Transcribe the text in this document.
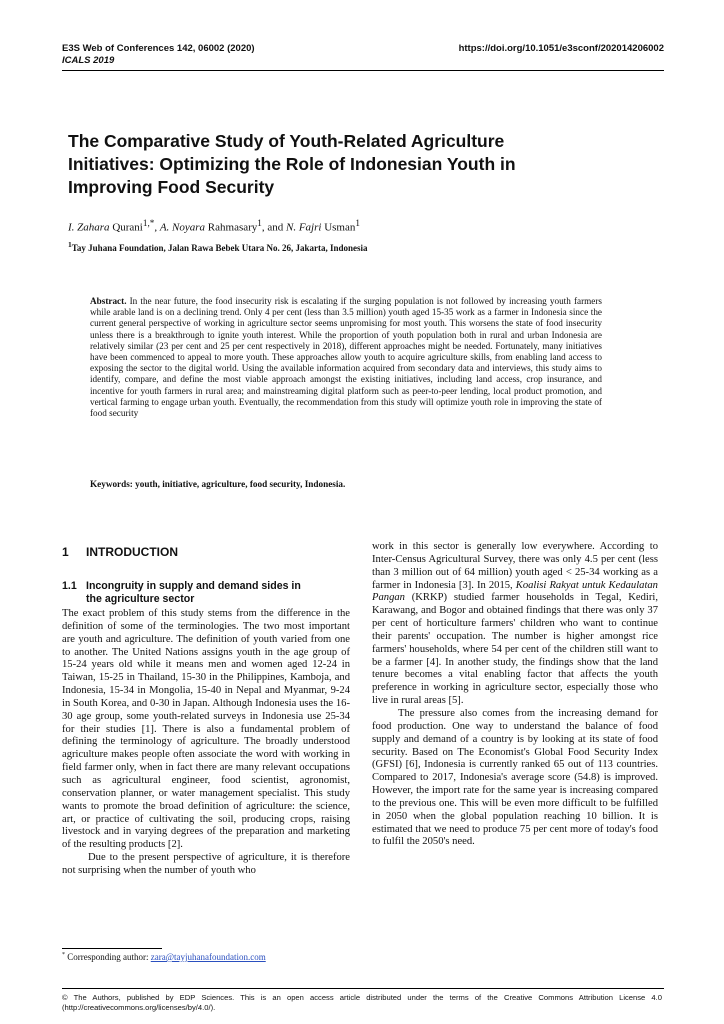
E3S Web of Conferences 142, 06002 (2020)
ICALS 2019
https://doi.org/10.1051/e3sconf/202014206002
The Comparative Study of Youth-Related Agriculture Initiatives: Optimizing the Role of Indonesian Youth in Improving Food Security
I. Zahara Qurani$^{1,*}$, A. Noyara Rahmasary$^1$, and N. Fajri Usman$^1$
$^1$Tay Juhana Foundation, Jalan Rawa Bebek Utara No. 26, Jakarta, Indonesia
Abstract. In the near future, the food insecurity risk is escalating if the surging population is not followed by increasing youth farmers while arable land is on a declining trend. Only 4 per cent (less than 3.5 million) youth aged 15-35 work as a farmer in Indonesia since the current general perspective of working in agriculture sector seems unpromising for most youth. This worsens the state of food insecurity unless there is a breakthrough to ignite youth interest. While the proportion of youth population both in rural and urban Indonesia are relatively similar (23 per cent and 25 per cent respectively in 2018), different approaches might be needed. Fortunately, many initiatives have been commenced to appeal to more youth. These approaches allow youth to acquire agriculture skills, from enabling land access to exposing the sector to the digital world. Using the available information acquired from secondary data and interviews, this study aims to identify, compare, and define the most viable approach amongst the existing initiatives, including land access, crop insurance, and incentive for youth farmers in rural area; and mainstreaming digital platform such as peer-to-peer lending, local product promotion, and vertical farming to engage urban youth. Eventually, the recommendation from this study will optimize youth role in improving the state of food security
Keywords: youth, initiative, agriculture, food security, Indonesia.
1 INTRODUCTION
1.1 Incongruity in supply and demand sides in
the agriculture sector

The exact problem of this study stems from the difference in the definition of some of the terminologies. The two most important are youth and agriculture. The definition of youth varied from one to another. The United Nations assigns youth in the age group of 15-24 years old while it means men and women aged 12-24 in Taiwan, 15-25 in Thailand, 15-30 in the Philippines, Kamboja, and Indonesia, 15-34 in Mongolia, 15-40 in Nepal and Myanmar, 9-24 in South Korea, and 0-30 in Japan. Although Indonesia uses the 16-30 age group, some youth-related surveys in Indonesia use 25-34 for their studies [1]. There is also a fundamental problem of defining the terminology of agriculture. The broadly understood agriculture makes people often associate the word with working in field farmer only, when in fact there are many relevant occupations such as agricultural engineer, food scientist, agronomist, conservation planner, or water management specialist. This study wants to promote the broad definition of agriculture: the science, art, or practice of cultivating the soil, producing crops, raising livestock and in varying degrees of the preparation and marketing of the resulting products [2].

Due to the present perspective of agriculture, it is therefore not surprising when the number of youth who

work in this sector is generally low everywhere. According to Inter-Census Agricultural Survey, there was only 4.5 per cent (less than 3 million out of 64 million) youth aged < 25-34 working as a farmer in Indonesia [3]. In 2015, Koalisi Rakyat untuk Kedaulatan Pangan (KRKP) studied farmer households in Tegal, Kediri, Karawang, and Bogor and obtained findings that there was only 37 per cent of horticulture farmers' children who want to continue their parents' occupation. The number is higher amongst rice farmers' households, where 54 per cent of the children still want to be a farmer [4]. In another study, the findings show that the land tenure becomes a vital enabling factor that affects the youth preference in working in agriculture sector, especially those who live in rural areas [5].

The pressure also comes from the increasing demand for food production. One way to understand the balance of food supply and demand of a country is by looking at its state of food security. Based on The Economist's Global Food Security Index (GFSI) [6], Indonesia is currently ranked 65 out of 113 countries. Compared to 2017, Indonesia's average score (54.8) is improved. However, the import rate for the same year is increasing compared to the previous one. This will be even more difficult to be fulfilled in 2050 when the global population reaching 10 billion. It is estimated that we need to produce 75 per cent more of today's food to fulfil the 2050's need.

* Corresponding author: zara@tayjuhanafoundation.com
© The Authors, published by EDP Sciences. This is an open access article distributed under the terms of the Creative Commons Attribution License 4.0 (http://creativecommons.org/licenses/by/4.0/).
